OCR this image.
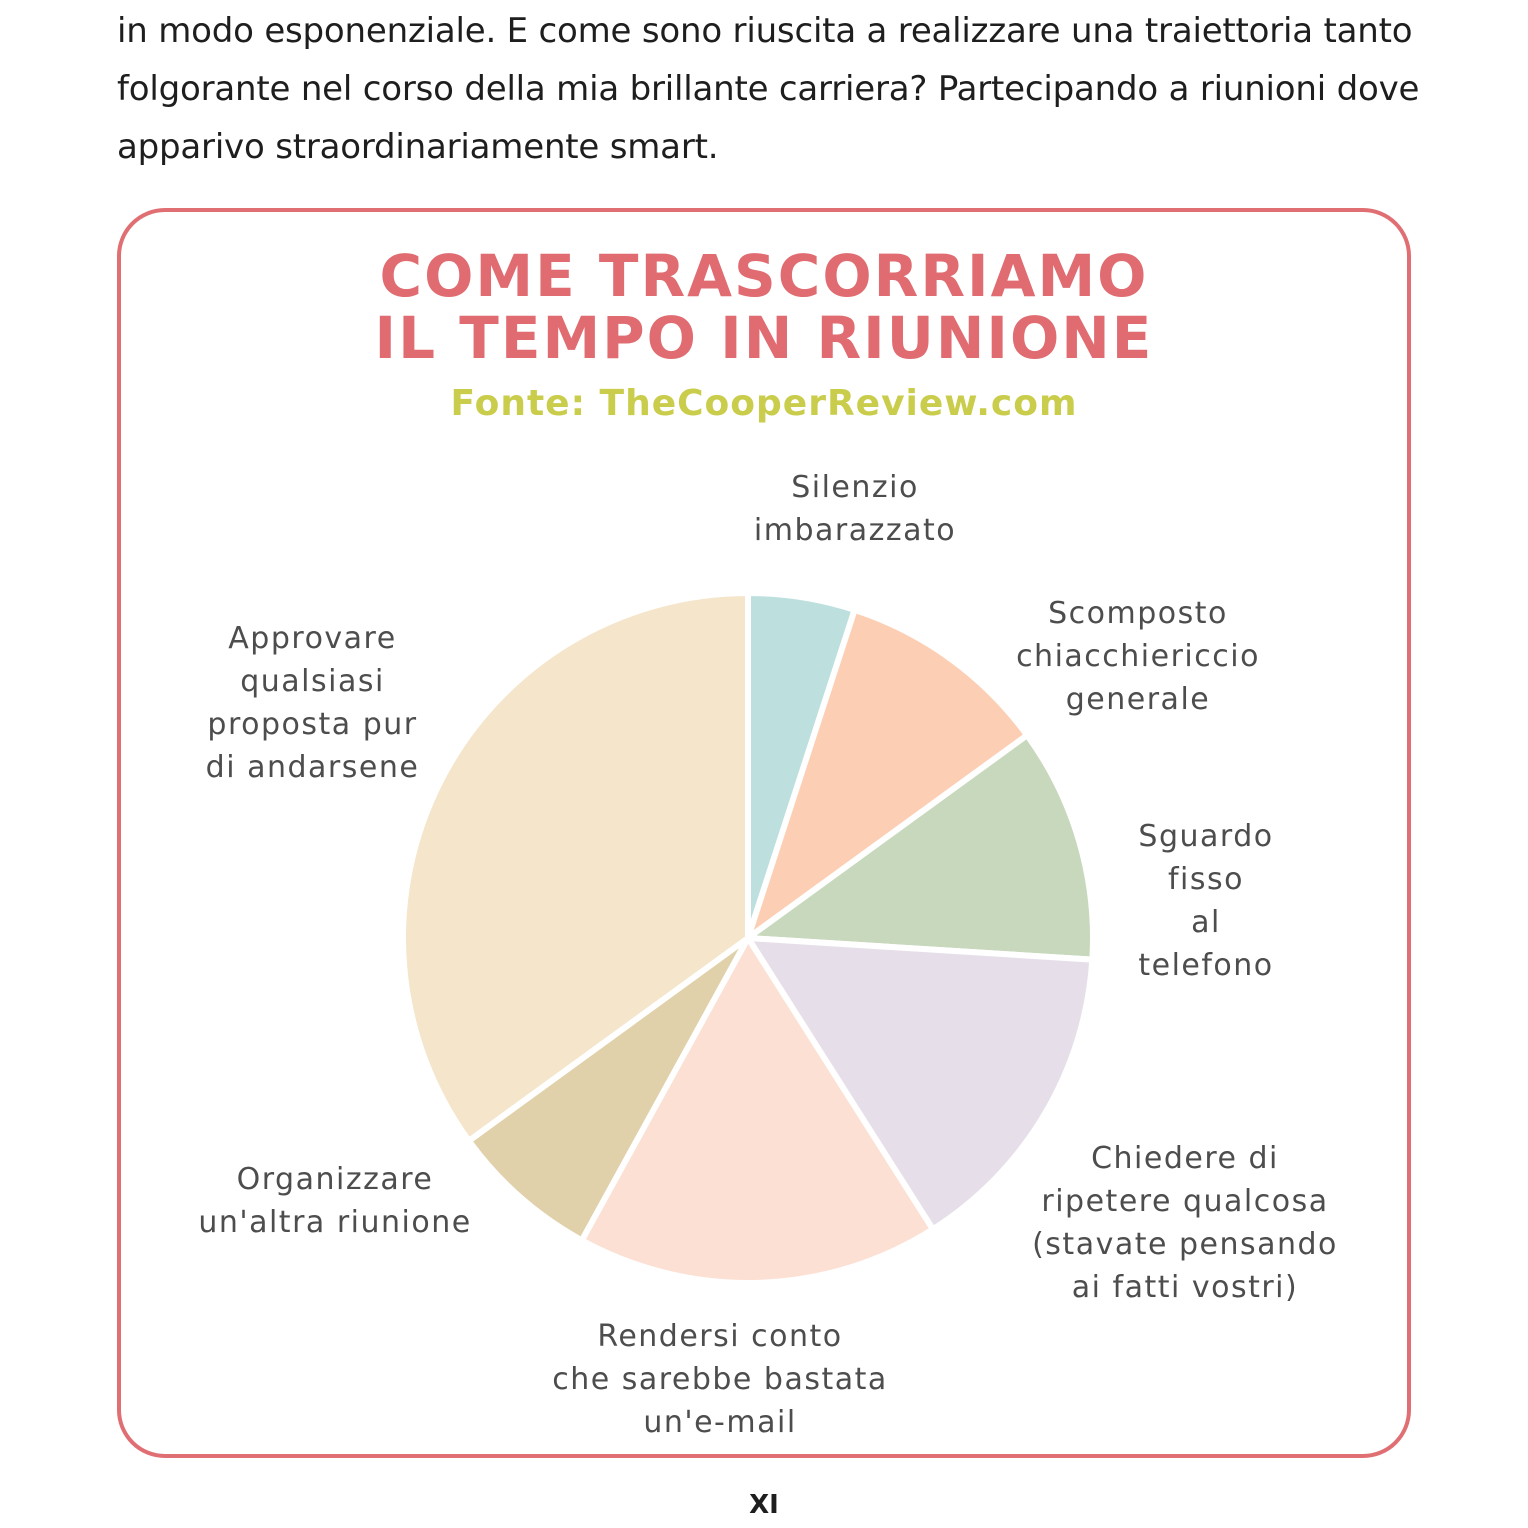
in modo esponenziale. E come sono riuscita a realizzare una traiettoria tanto
folgorante nel corso della mia brillante carriera? Partecipando a riunioni dove
apparivo straordinariamente smart.
COME TRASCORRIAMO
IL TEMPO IN RIUNIONE
Fonte: TheCooperReview.com
Silenzio
imbarazzato
Scomposto
chiacchiericcio
generale
Sguardo
fisso
al
telefono
Chiedere di
ripetere qualcosa
(stavate pensando
ai fatti vostri)
Rendersi conto
che sarebbe bastata
un'e-mail
Organizzare
un'altra riunione
Approvare
qualsiasi
proposta pur
di andarsene
XI
